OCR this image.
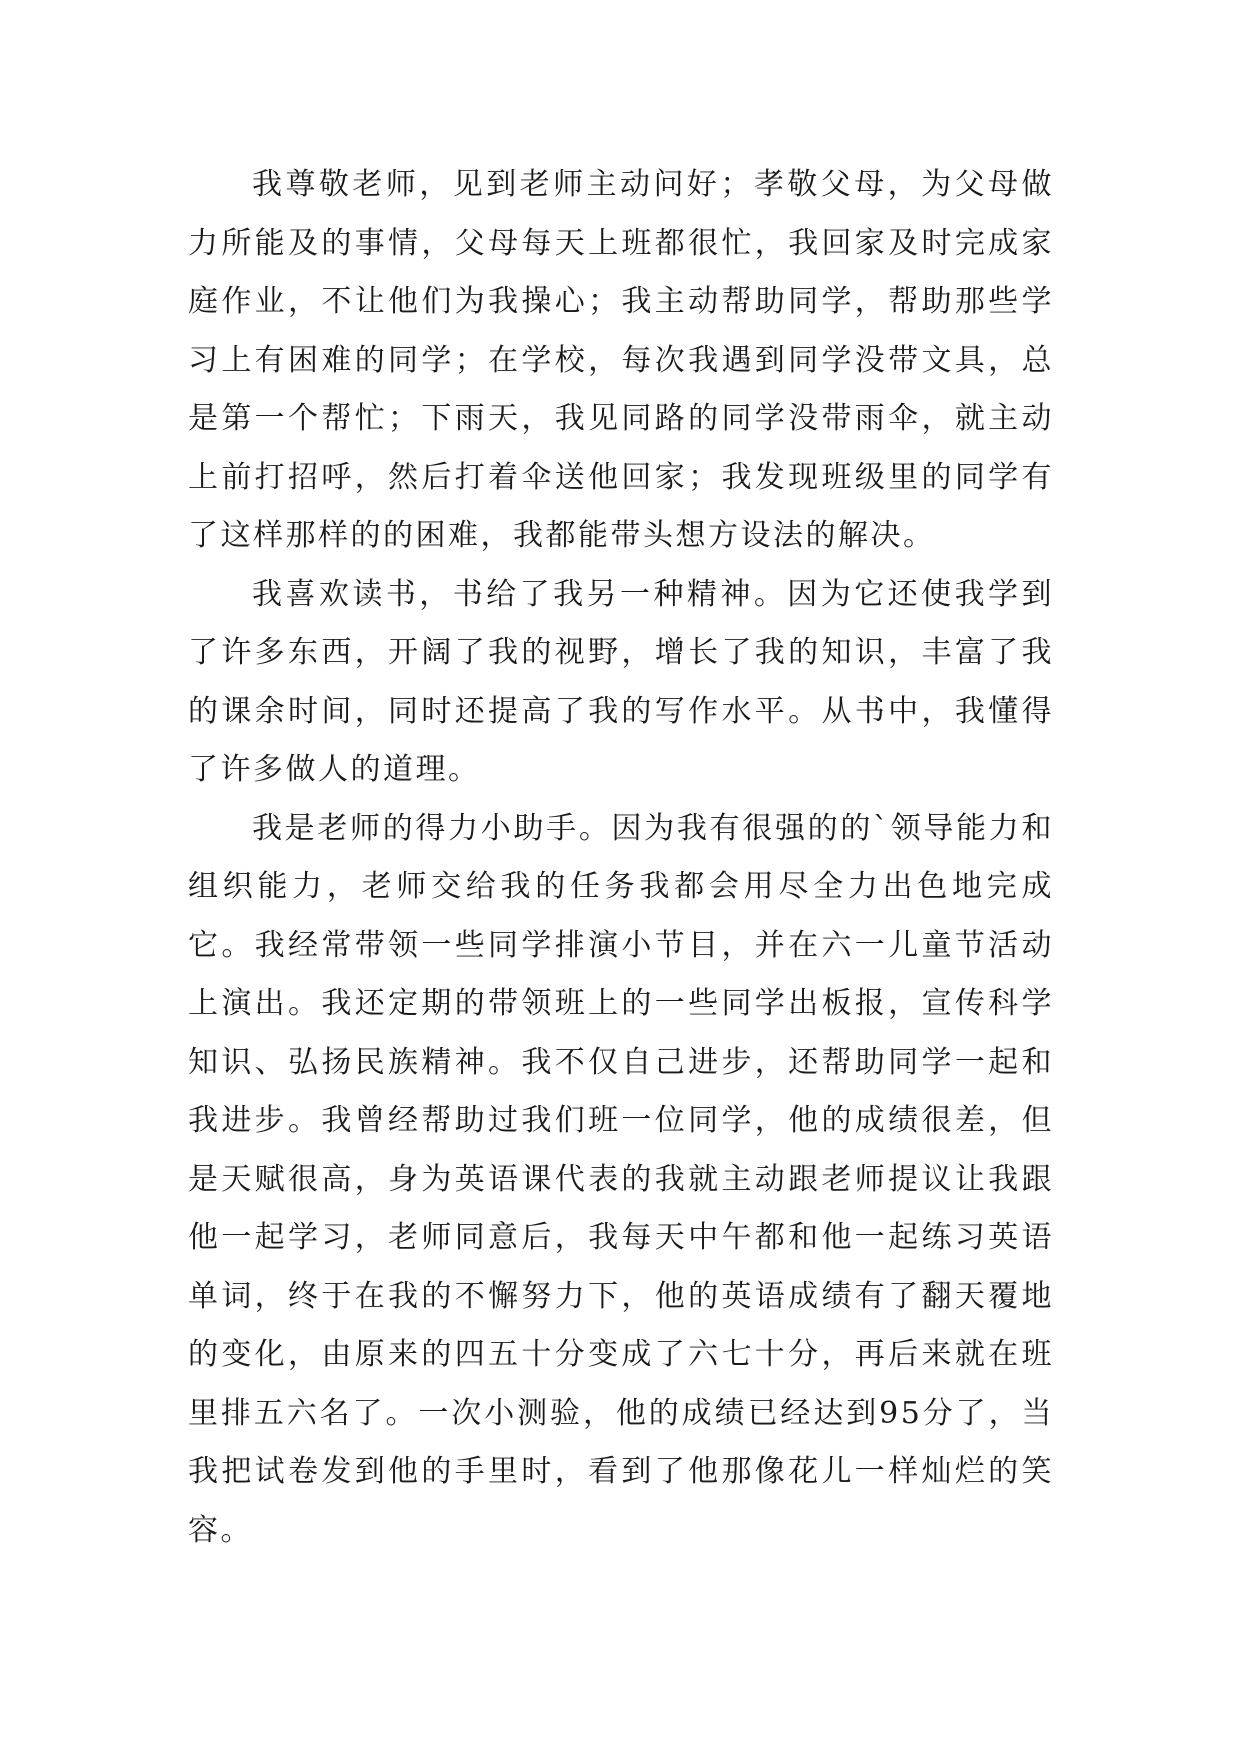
我尊敬老师，见到老师主动问好；孝敬父母，为父母做力所能及的事情，父母每天上班都很忙，我回家及时完成家庭作业，不让他们为我操心；我主动帮助同学，帮助那些学习上有困难的同学；在学校，每次我遇到同学没带文具，总是第一个帮忙；下雨天，我见同路的同学没带雨伞，就主动上前打招呼，然后打着伞送他回家；我发现班级里的同学有了这样那样的的困难，我都能带头想方设法的解决。

我喜欢读书，书给了我另一种精神。因为它还使我学到了许多东西，开阔了我的视野，增长了我的知识，丰富了我的课余时间，同时还提高了我的写作水平。从书中，我懂得了许多做人的道理。

我是老师的得力小助手。因为我有很强的的`领导能力和组织能力，老师交给我的任务我都会用尽全力出色地完成它。我经常带领一些同学排演小节目，并在六一儿童节活动上演出。我还定期的带领班上的一些同学出板报，宣传科学知识、弘扬民族精神。我不仅自己进步，还帮助同学一起和我进步。我曾经帮助过我们班一位同学，他的成绩很差，但是天赋很高，身为英语课代表的我就主动跟老师提议让我跟他一起学习，老师同意后，我每天中午都和他一起练习英语单词，终于在我的不懈努力下，他的英语成绩有了翻天覆地的变化，由原来的四五十分变成了六七十分，再后来就在班里排五六名了。一次小测验，他的成绩已经达到95分了，当我把试卷发到他的手里时，看到了他那像花儿一样灿烂的笑容。
